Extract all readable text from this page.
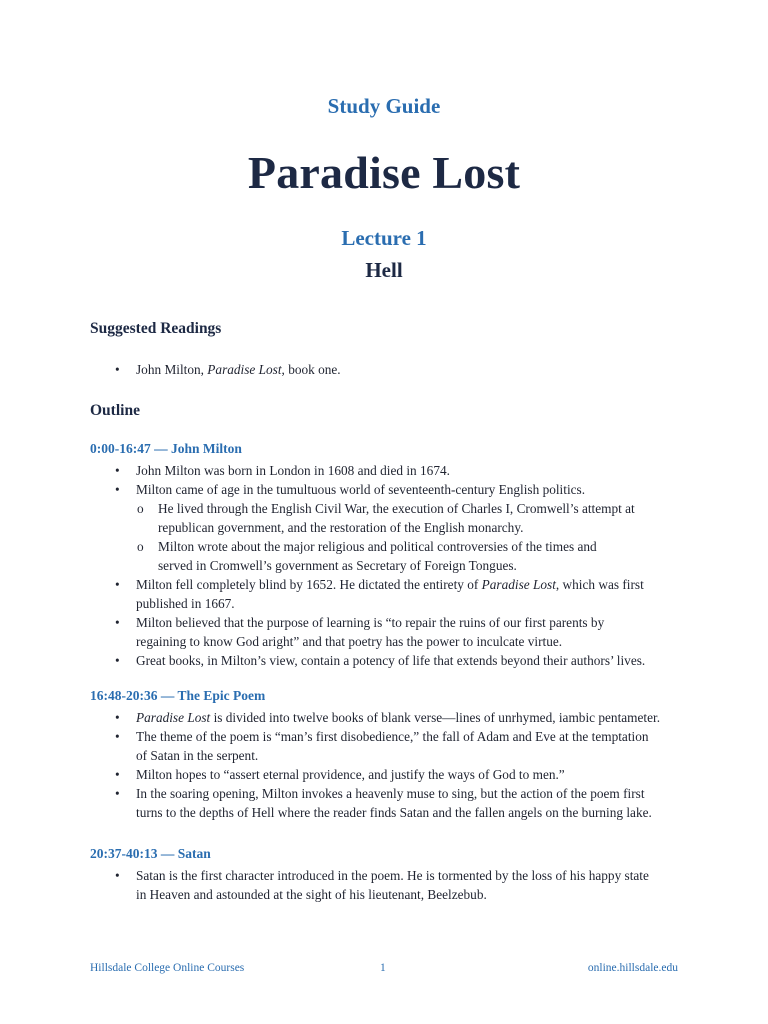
Study Guide
Paradise Lost
Lecture 1
Hell
Suggested Readings
• John Milton, Paradise Lost, book one.
Outline
0:00-16:47 — John Milton
• John Milton was born in London in 1608 and died in 1674.
• Milton came of age in the tumultuous world of seventeenth-century English politics.
o He lived through the English Civil War, the execution of Charles I, Cromwell’s attempt at
republican government, and the restoration of the English monarchy.
o Milton wrote about the major religious and political controversies of the times and
served in Cromwell’s government as Secretary of Foreign Tongues.
• Milton fell completely blind by 1652. He dictated the entirety of Paradise Lost, which was first
published in 1667.
• Milton believed that the purpose of learning is “to repair the ruins of our first parents by
regaining to know God aright” and that poetry has the power to inculcate virtue.
• Great books, in Milton’s view, contain a potency of life that extends beyond their authors’ lives.
16:48-20:36 — The Epic Poem
• Paradise Lost is divided into twelve books of blank verse—lines of unrhymed, iambic pentameter.
• The theme of the poem is “man’s first disobedience,” the fall of Adam and Eve at the temptation
of Satan in the serpent.
• Milton hopes to “assert eternal providence, and justify the ways of God to men.”
• In the soaring opening, Milton invokes a heavenly muse to sing, but the action of the poem first
turns to the depths of Hell where the reader finds Satan and the fallen angels on the burning lake.
20:37-40:13 — Satan
• Satan is the first character introduced in the poem. He is tormented by the loss of his happy state
in Heaven and astounded at the sight of his lieutenant, Beelzebub.
Hillsdale College Online Courses	1	online.hillsdale.edu
